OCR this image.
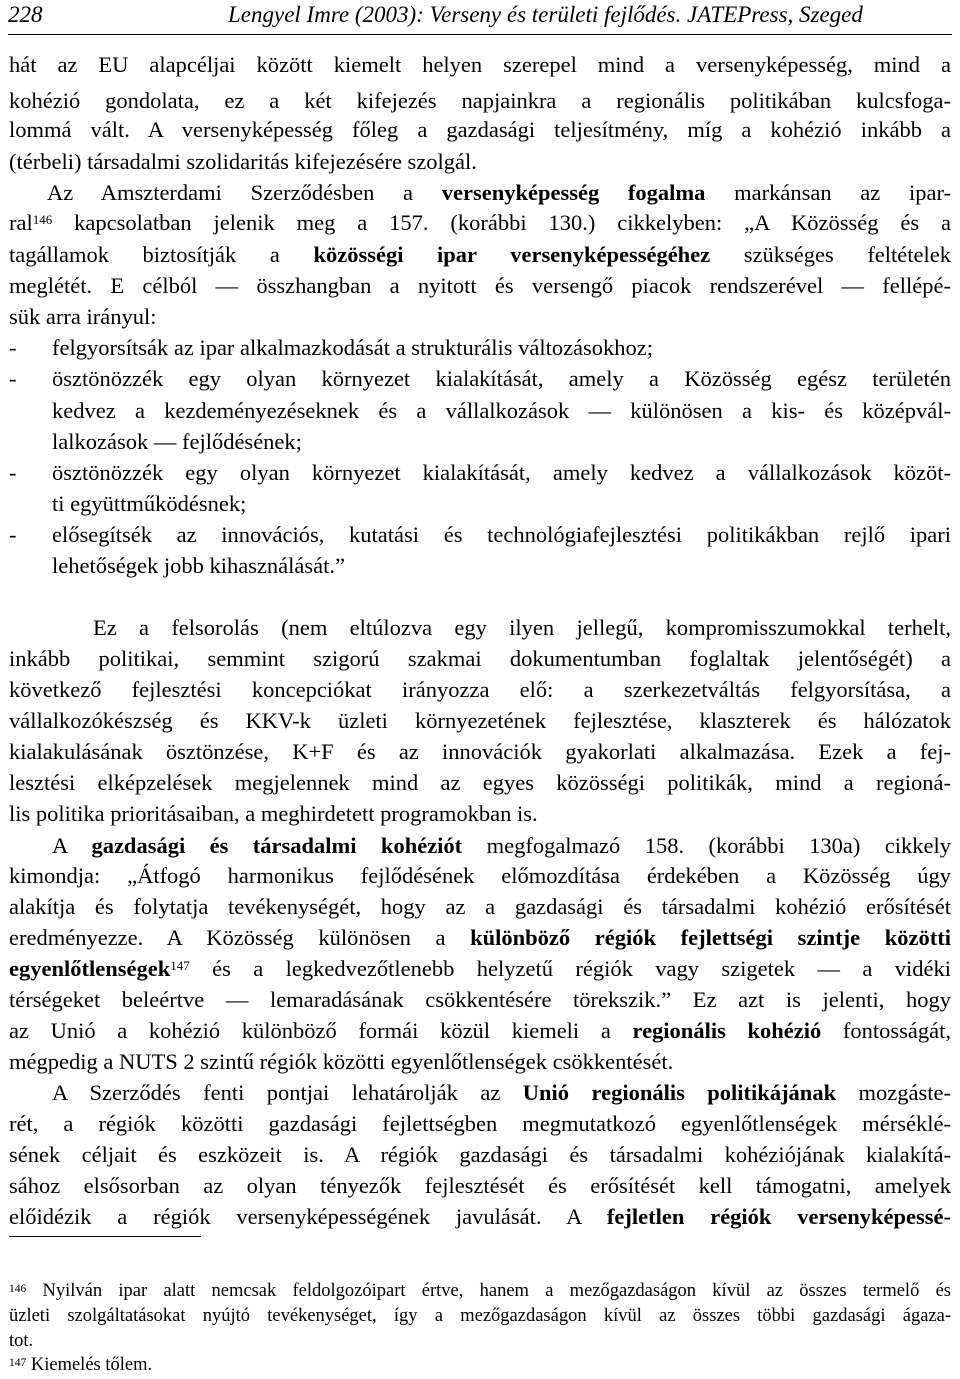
228	Lengyel Imre (2003): Verseny és területi fejlődés. JATEPress, Szeged
hát az EU alapcéljai között kiemelt helyen szerepel mind a versenyképesség, mind a
kohézió gondolata, ez a két kifejezés napjainkra a regionális politikában kulcsfoga-
lommá vált. A versenyképesség főleg a gazdasági teljesítmény, míg a kohézió inkább a
(térbeli) társadalmi szolidaritás kifejezésére szolgál.
Az Amszterdami Szerződésben a versenyképesség fogalma markánsan az ipar-
ral$^{146}$ kapcsolatban jelenik meg a 157. (korábbi 130.) cikkelyben: „A Közösség és a
tagállamok biztosítják a közösségi ipar versenyképességéhez szükséges feltételek
meglétét. E célból — összhangban a nyitott és versengő piacok rendszerével — fellépé-
sük arra irányul:
- felgyorsítsák az ipar alkalmazkodását a strukturális változásokhoz;
- ösztönözzék egy olyan környezet kialakítását, amely a Közösség egész területén
kedvez a kezdeményezéseknek és a vállalkozások — különösen a kis- és középvál-
lalkozások — fejlődésének;
- ösztönözzék egy olyan környezet kialakítását, amely kedvez a vállalkozások közöt-
ti együttműködésnek;
- elősegítsék az innovációs, kutatási és technológiafejlesztési politikákban rejlő ipari
lehetőségek jobb kihasználását.”
Ez a felsorolás (nem eltúlozva egy ilyen jellegű, kompromisszumokkal terhelt,
inkább politikai, semmint szigorú szakmai dokumentumban foglaltak jelentőségét) a
következő fejlesztési koncepciókat irányozza elő: a szerkezetváltás felgyorsítása, a
vállalkozókészség és KKV-k üzleti környezetének fejlesztése, klaszterek és hálózatok
kialakulásának ösztönzése, K+F és az innovációk gyakorlati alkalmazása. Ezek a fej-
lesztési elképzelések megjelennek mind az egyes közösségi politikák, mind a regioná-
lis politika prioritásaiban, a meghirdetett programokban is.
A gazdasági és társadalmi kohéziót megfogalmazó 158. (korábbi 130a) cikkely
kimondja: „Átfogó harmonikus fejlődésének előmozdítása érdekében a Közösség úgy
alakítja és folytatja tevékenységét, hogy az a gazdasági és társadalmi kohézió erősítését
eredményezze. A Közösség különösen a különböző régiók fejlettségi szintje közötti
egyenlőtlenségek$^{147}$ és a legkedvezőtlenebb helyzetű régiók vagy szigetek — a vidéki
térségeket beleértve — lemaradásának csökkentésére törekszik.” Ez azt is jelenti, hogy
az Unió a kohézió különböző formái közül kiemeli a regionális kohézió fontosságát,
mégpedig a NUTS 2 szintű régiók közötti egyenlőtlenségek csökkentését.
A Szerződés fenti pontjai lehatárolják az Unió regionális politikájának mozgáste-
rét, a régiók közötti gazdasági fejlettségben megmutatkozó egyenlőtlenségek mérséklé-
sének céljait és eszközeit is. A régiók gazdasági és társadalmi kohéziójának kialakítá-
sához elsősorban az olyan tényezők fejlesztését és erősítését kell támogatni, amelyek
előidézik a régiók versenyképességének javulását. A fejletlen régiók versenyképessé-
$^{146}$ Nyilván ipar alatt nemcsak feldolgozóipart értve, hanem a mezőgazdaságon kívül az összes termelő és
üzleti szolgáltatásokat nyújtó tevékenységet, így a mezőgazdaságon kívül az összes többi gazdasági ágaza-
tot.
$^{147}$ Kiemelés tőlem.
